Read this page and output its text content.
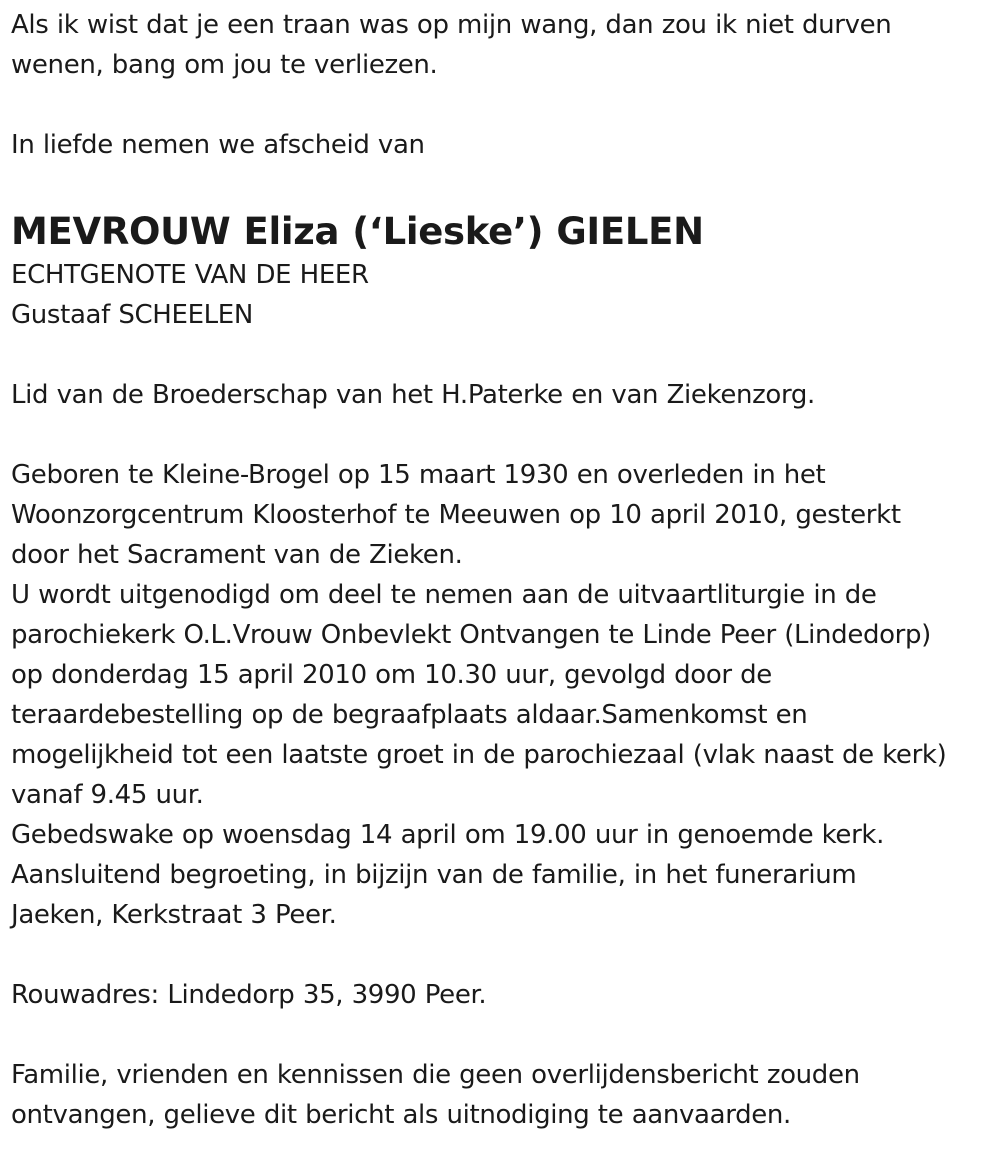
Als ik wist dat je een traan was op mijn wang, dan zou ik niet durven

wenen, bang om jou te verliezen.

In liefde nemen we afscheid van

MEVROUW Eliza (‘Lieske’) GIELEN

ECHTGENOTE VAN DE HEER

Gustaaf SCHEELEN

Lid van de Broederschap van het H.Paterke en van Ziekenzorg.

Geboren te Kleine-Brogel op 15 maart 1930 en overleden in het

Woonzorgcentrum Kloosterhof te Meeuwen op 10 april 2010, gesterkt

door het Sacrament van de Zieken.

U wordt uitgenodigd om deel te nemen aan de uitvaartliturgie in de

parochiekerk O.L.Vrouw Onbevlekt Ontvangen te Linde Peer (Lindedorp)

op donderdag 15 april 2010 om 10.30 uur, gevolgd door de

teraardebestelling op de begraafplaats aldaar.Samenkomst en

mogelijkheid tot een laatste groet in de parochiezaal (vlak naast de kerk)

vanaf 9.45 uur.

Gebedswake op woensdag 14 april om 19.00 uur in genoemde kerk.

Aansluitend begroeting, in bijzijn van de familie, in het funerarium

Jaeken, Kerkstraat 3 Peer.

Rouwadres: Lindedorp 35, 3990 Peer.

Familie, vrienden en kennissen die geen overlijdensbericht zouden

ontvangen, gelieve dit bericht als uitnodiging te aanvaarden.
